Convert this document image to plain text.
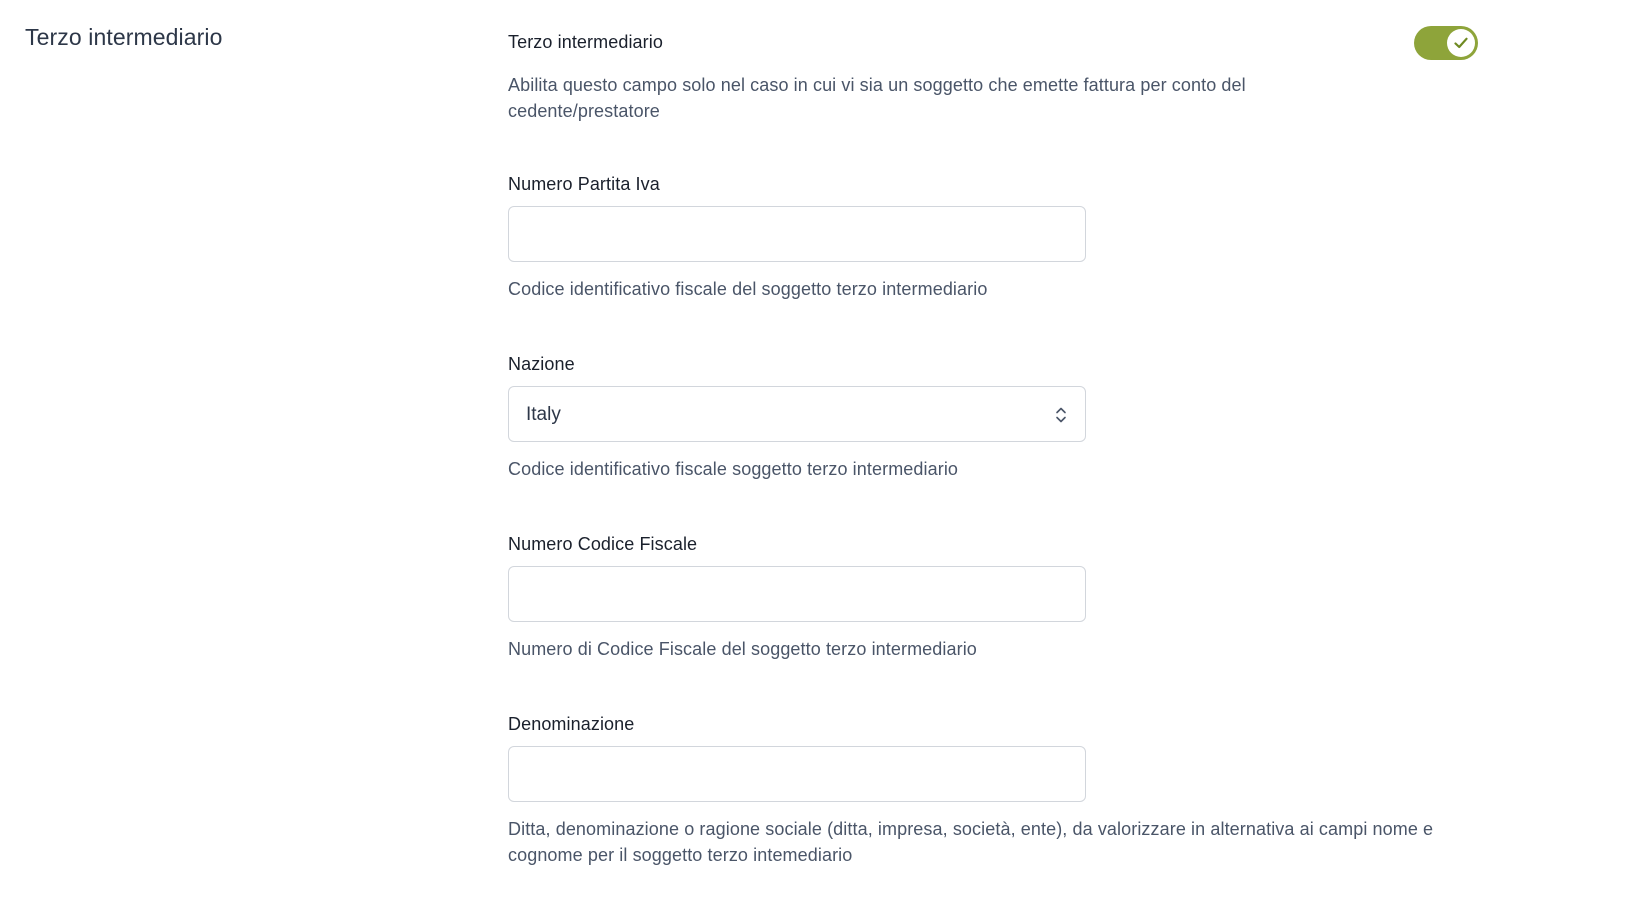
Terzo intermediario	Terzo intermediario
Abilita questo campo solo nel caso in cui vi sia un soggetto che emette fattura per conto del cedente/prestatore
Numero Partita Iva
Codice identificativo fiscale del soggetto terzo intermediario
Nazione
Italy
Codice identificativo fiscale soggetto terzo intermediario
Numero Codice Fiscale
Numero di Codice Fiscale del soggetto terzo intermediario
Denominazione
Ditta, denominazione o ragione sociale (ditta, impresa, società, ente), da valorizzare in alternativa ai campi nome e cognome per il soggetto terzo intemediario
